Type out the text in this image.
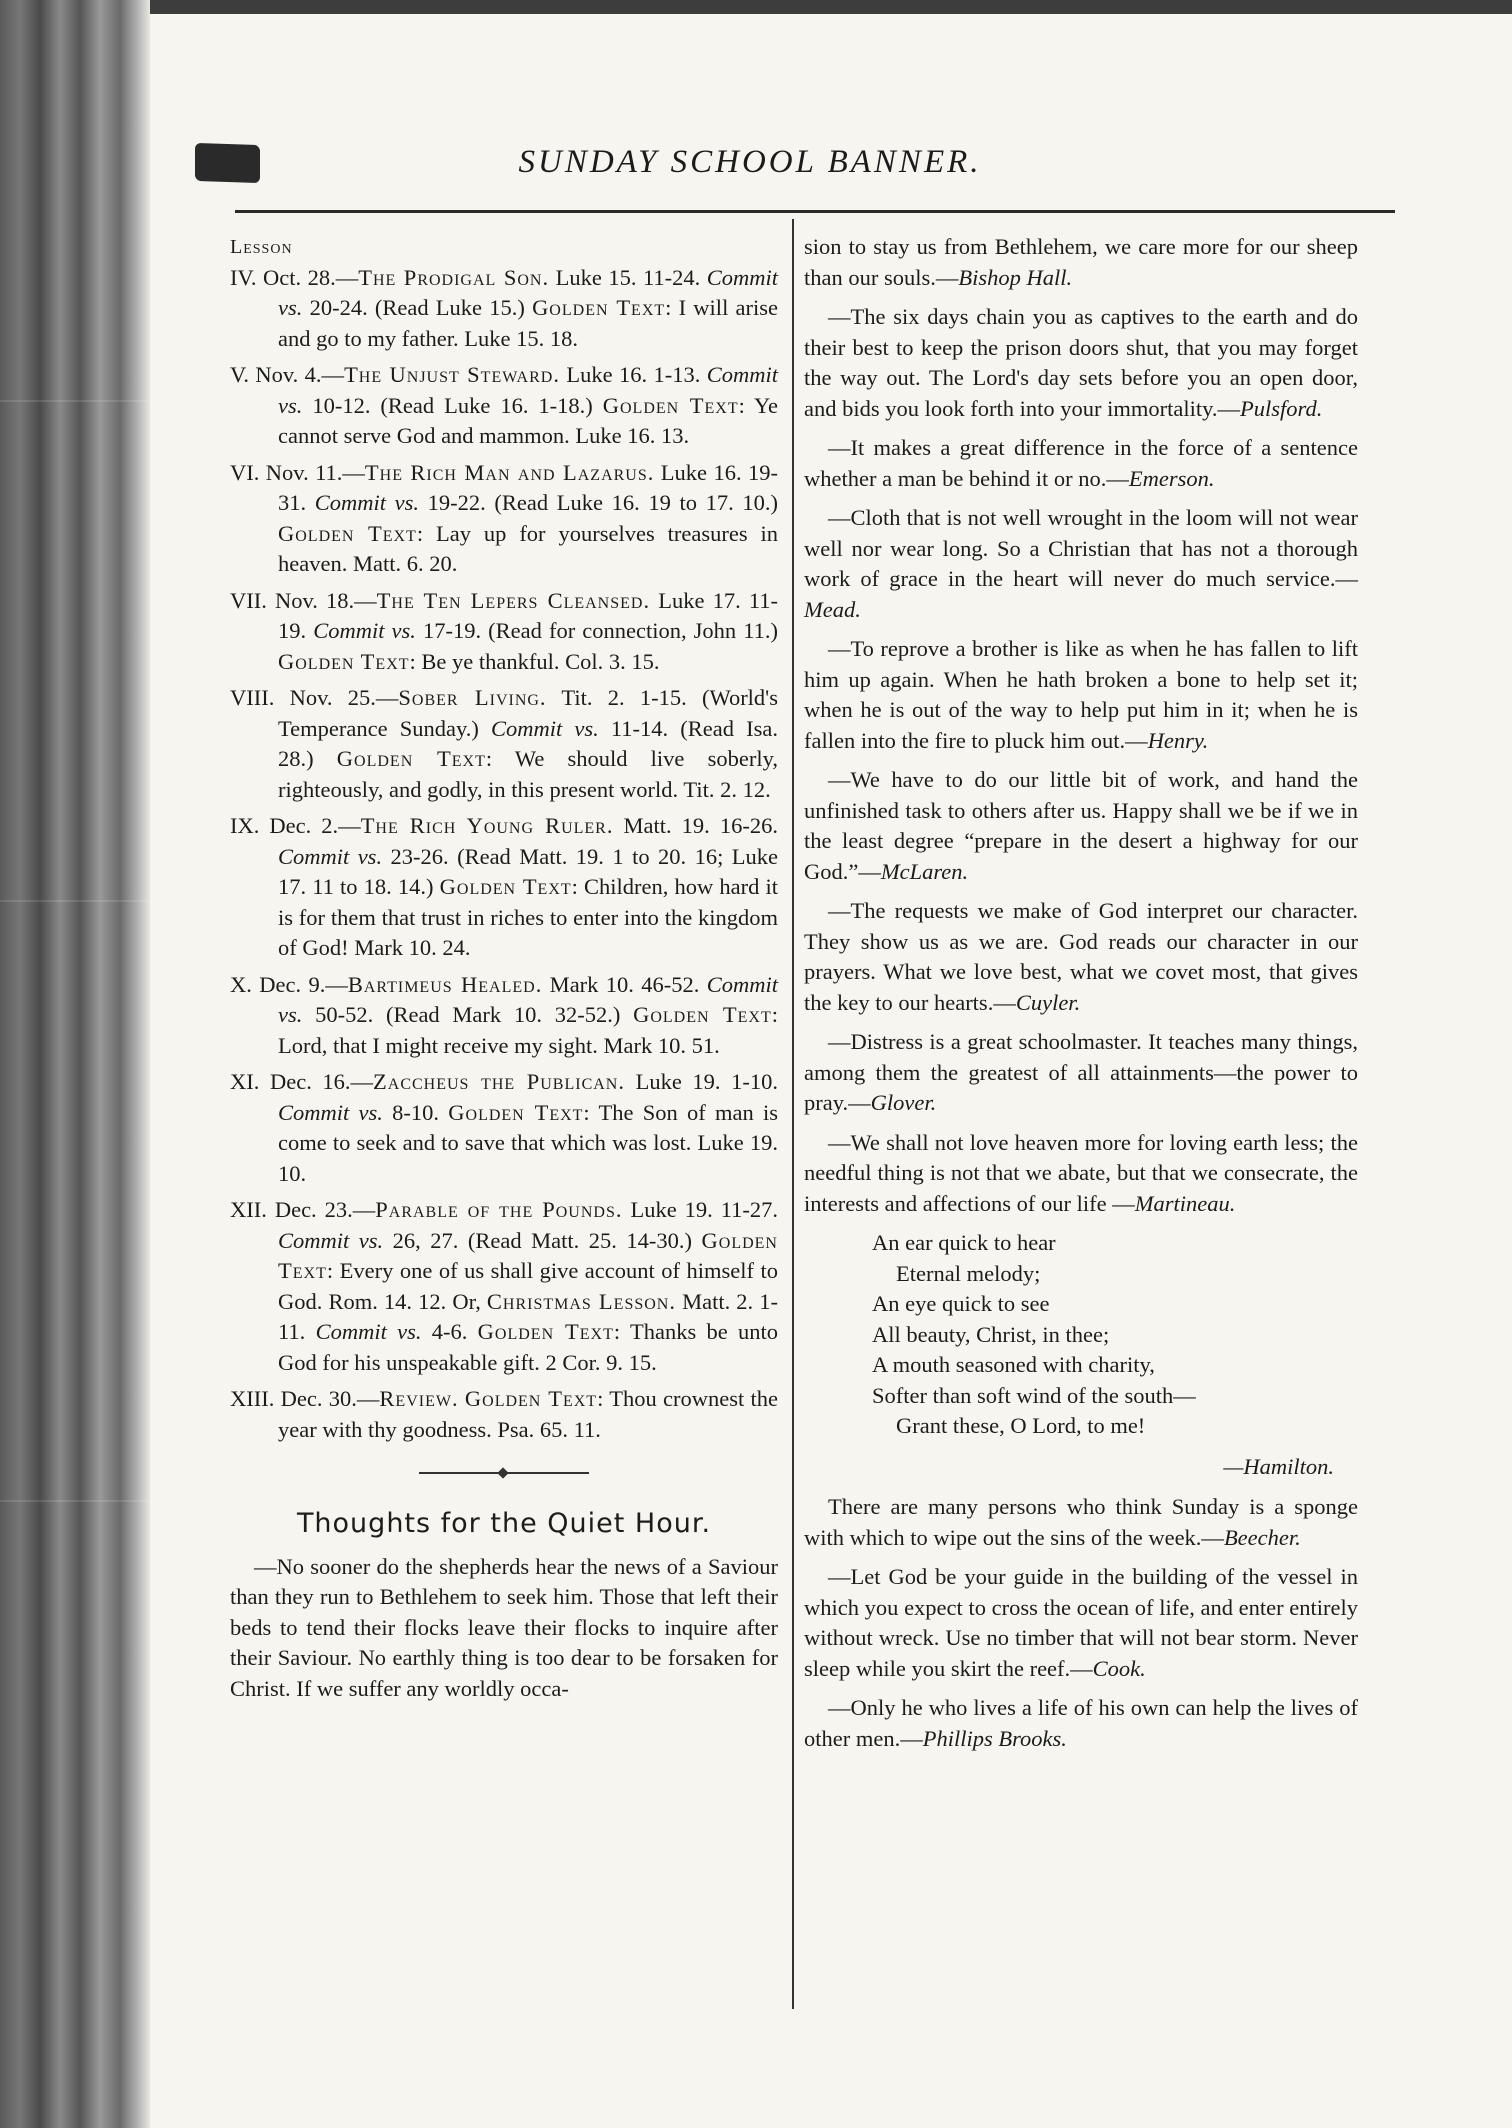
750	SUNDAY SCHOOL BANNER.
Lesson
IV. Oct. 28.—The Prodigal Son. Luke 15. 11-24. Commit vs. 20-24. (Read Luke 15.) Golden Text: I will arise and go to my father. Luke 15. 18.
V. Nov. 4.—The Unjust Steward. Luke 16. 1-13. Commit vs. 10-12. (Read Luke 16. 1-18.) Golden Text: Ye cannot serve God and mammon. Luke 16. 13.
VI. Nov. 11.—The Rich Man and Lazarus. Luke 16. 19-31. Commit vs. 19-22. (Read Luke 16. 19 to 17. 10.) Golden Text: Lay up for yourselves treasures in heaven. Matt. 6. 20.
VII. Nov. 18.—The Ten Lepers Cleansed. Luke 17. 11-19. Commit vs. 17-19. (Read for connection, John 11.) Golden Text: Be ye thankful. Col. 3. 15.
VIII. Nov. 25.—Sober Living. Tit. 2. 1-15. (World's Temperance Sunday.) Commit vs. 11-14. (Read Isa. 28.) Golden Text: We should live soberly, righteously, and godly, in this present world. Tit. 2. 12.
IX. Dec. 2.—The Rich Young Ruler. Matt. 19. 16-26. Commit vs. 23-26. (Read Matt. 19. 1 to 20. 16; Luke 17. 11 to 18. 14.) Golden Text: Children, how hard it is for them that trust in riches to enter into the kingdom of God! Mark 10. 24.
X. Dec. 9.—Bartimeus Healed. Mark 10. 46-52. Commit vs. 50-52. (Read Mark 10. 32-52.) Golden Text: Lord, that I might receive my sight. Mark 10. 51.
XI. Dec. 16.—Zaccheus the Publican. Luke 19. 1-10. Commit vs. 8-10. Golden Text: The Son of man is come to seek and to save that which was lost. Luke 19. 10.
XII. Dec. 23.—Parable of the Pounds. Luke 19. 11-27. Commit vs. 26, 27. (Read Matt. 25. 14-30.) Golden Text: Every one of us shall give account of himself to God. Rom. 14. 12. Or, Christmas Lesson. Matt. 2. 1-11. Commit vs. 4-6. Golden Text: Thanks be unto God for his unspeakable gift. 2 Cor. 9. 15.
XIII. Dec. 30.—Review. Golden Text: Thou crownest the year with thy goodness. Psa. 65. 11.
Thoughts for the Quiet Hour.

—No sooner do the shepherds hear the news of a Saviour than they run to Bethlehem to seek him. Those that left their beds to tend their flocks leave their flocks to inquire after their Saviour. No earthly thing is too dear to be forsaken for Christ. If we suffer any worldly occa-

sion to stay us from Bethlehem, we care more for our sheep than our souls.—Bishop Hall.

—The six days chain you as captives to the earth and do their best to keep the prison doors shut, that you may forget the way out. The Lord's day sets before you an open door, and bids you look forth into your immortality.—Pulsford.

—It makes a great difference in the force of a sentence whether a man be behind it or no.—Emerson.

—Cloth that is not well wrought in the loom will not wear well nor wear long. So a Christian that has not a thorough work of grace in the heart will never do much service.—Mead.

—To reprove a brother is like as when he has fallen to lift him up again. When he hath broken a bone to help set it; when he is out of the way to help put him in it; when he is fallen into the fire to pluck him out.—Henry.

—We have to do our little bit of work, and hand the unfinished task to others after us. Happy shall we be if we in the least degree “prepare in the desert a highway for our God.”—McLaren.

—The requests we make of God interpret our character. They show us as we are. God reads our character in our prayers. What we love best, what we covet most, that gives the key to our hearts.—Cuyler.

—Distress is a great schoolmaster. It teaches many things, among them the greatest of all attainments—the power to pray.—Glover.

—We shall not love heaven more for loving earth less; the needful thing is not that we abate, but that we consecrate, the interests and affections of our life —Martineau.

An ear quick to hear
Eternal melody;
An eye quick to see
All beauty, Christ, in thee;
A mouth seasoned with charity,
Softer than soft wind of the south—
Grant these, O Lord, to me!
—Hamilton.

There are many persons who think Sunday is a sponge with which to wipe out the sins of the week.—Beecher.

—Let God be your guide in the building of the vessel in which you expect to cross the ocean of life, and enter entirely without wreck. Use no timber that will not bear storm. Never sleep while you skirt the reef.—Cook.

—Only he who lives a life of his own can help the lives of other men.—Phillips Brooks.
